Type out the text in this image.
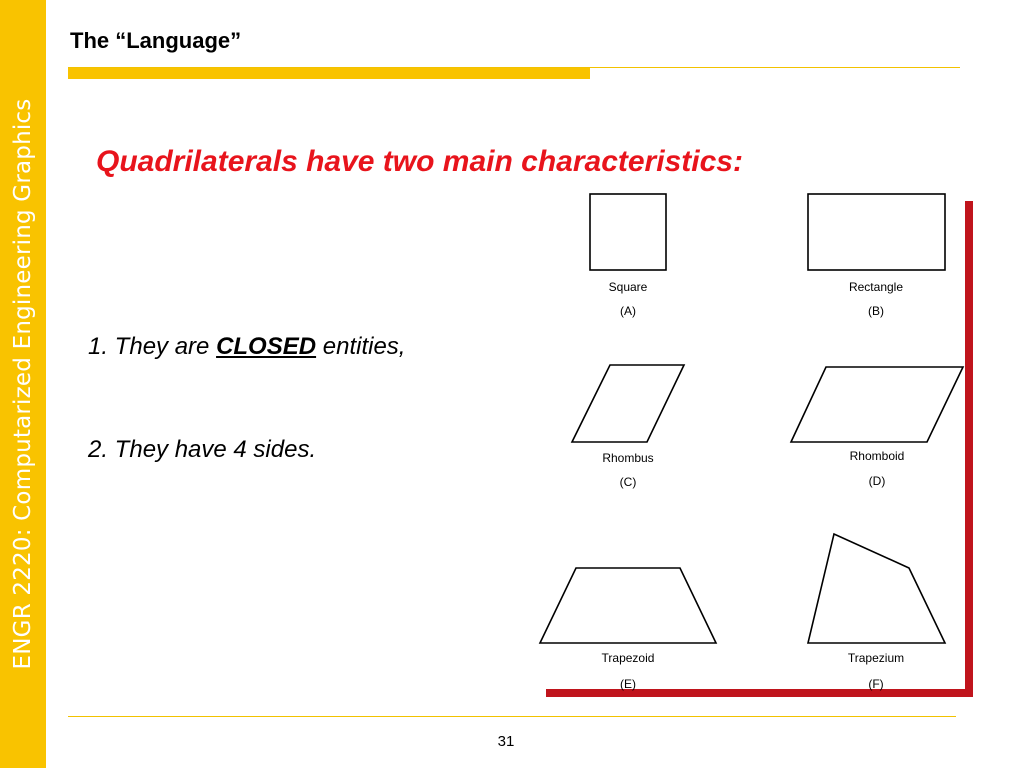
ENGR 2220: Computarized Engineering Graphics
The “Language”
Quadrilaterals have two main characteristics:
1. They are CLOSED entities,
2. They have 4 sides.
Square
(A)
Rectangle
(B)
Rhombus
(C)
Rhomboid
(D)
Trapezoid
(E)
Trapezium
(F)
31
